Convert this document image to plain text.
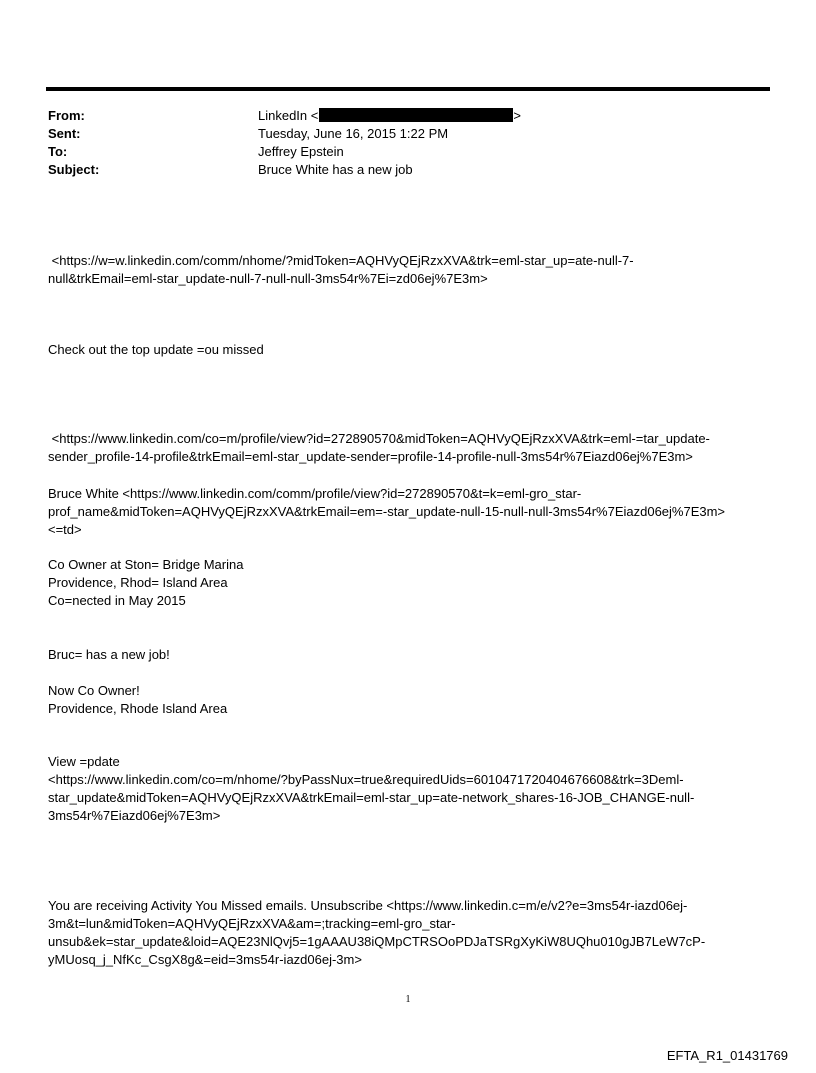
From:	LinkedIn <	>
Sent:	Tuesday, June 16, 2015 1:22 PM
To:	Jeffrey Epstein
Subject:	Bruce White has a new job
<https://w=w.linkedin.com/comm/nhome/?midToken=AQHVyQEjRzxXVA&trk=eml-star_up=ate-null-7-
null&trkEmail=eml-star_update-null-7-null-null-3ms54r%7Ei=zd06ej%7E3m>
Check out the top update =ou missed
<https://www.linkedin.com/co=m/profile/view?id=272890570&midToken=AQHVyQEjRzxXVA&trk=eml-=tar_update-
sender_profile-14-profile&trkEmail=eml-star_update-sender=profile-14-profile-null-3ms54r%7Eiazd06ej%7E3m>
Bruce White <https://www.linkedin.com/comm/profile/view?id=272890570&t=k=eml-gro_star-
prof_name&midToken=AQHVyQEjRzxXVA&trkEmail=em=-star_update-null-15-null-null-3ms54r%7Eiazd06ej%7E3m>
<=td>
Co Owner at Ston= Bridge Marina
Providence, Rhod= Island Area
Co=nected in May 2015
Bruc= has a new job!
Now Co Owner!
Providence, Rhode Island Area
View =pdate
<https://www.linkedin.com/co=m/nhome/?byPassNux=true&requiredUids=6010471720404676608&trk=3Deml-
star_update&midToken=AQHVyQEjRzxXVA&trkEmail=eml-star_up=ate-network_shares-16-JOB_CHANGE-null-
3ms54r%7Eiazd06ej%7E3m>
You are receiving Activity You Missed emails. Unsubscribe <https://www.linkedin.c=m/e/v2?e=3ms54r-iazd06ej-
3m&t=lun&midToken=AQHVyQEjRzxXVA&am=;tracking=eml-gro_star-
unsub&ek=star_update&loid=AQE23NlQvj5=1gAAAU38iQMpCTRSOoPDJaTSRgXyKiW8UQhu010gJB7LeW7cP-
yMUosq_j_NfKc_CsgX8g&=eid=3ms54r-iazd06ej-3m>
1
EFTA_R1_01431769
